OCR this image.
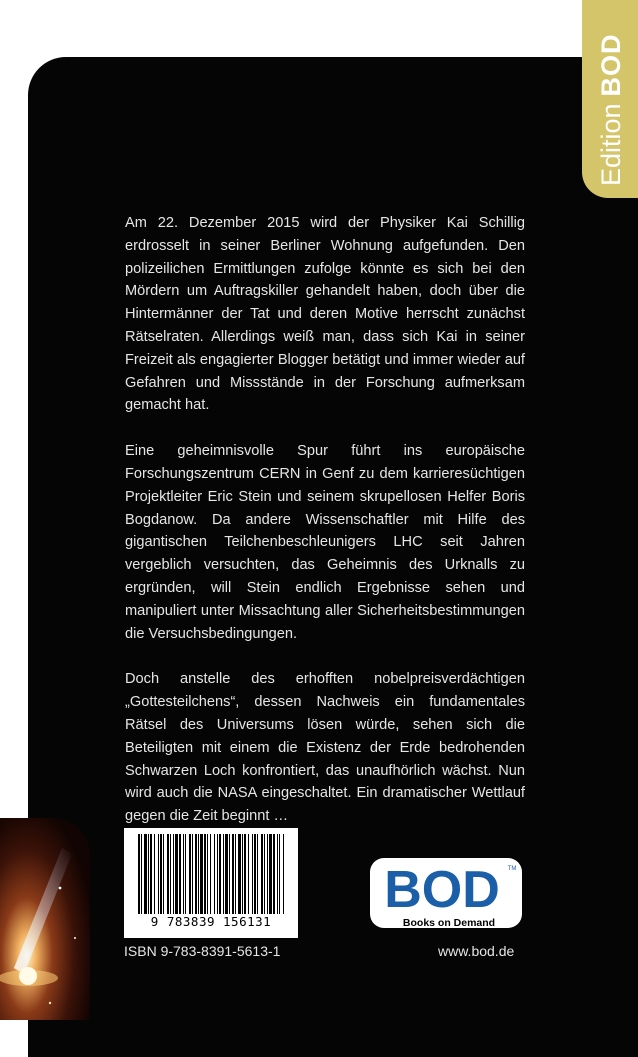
Edition
BOD

Am 22. Dezember 2015 wird der Physiker Kai Schillig erdrosselt in seiner Berliner Wohnung aufgefunden. Den polizeilichen Ermittlungen zufolge könnte es sich bei den Mördern um Auftragskiller gehandelt haben, doch über die Hintermänner der Tat und deren Motive herrscht zunächst Rätselraten. Allerdings weiß man, dass sich Kai in seiner Freizeit als engagierter Blogger betätigt und immer wieder auf Gefahren und Missstände in der Forschung aufmerksam gemacht hat.

Eine geheimnisvolle Spur führt ins europäische Forschungszentrum CERN in Genf zu dem karrieresüchtigen Projektleiter Eric Stein und seinem skrupellosen Helfer Boris Bogdanow. Da andere Wissenschaftler mit Hilfe des gigantischen Teilchenbeschleunigers LHC seit Jahren vergeblich versuchten, das Geheimnis des Urknalls zu ergründen, will Stein endlich Ergebnisse sehen und manipuliert unter Missachtung aller Sicherheitsbestimmungen die Versuchsbedingungen.

Doch anstelle des erhofften nobelpreisverdächtigen „Gottesteilchens“, dessen Nachweis ein fundamentales Rätsel des Universums lösen würde, sehen sich die Beteiligten mit einem die Existenz der Erde bedrohenden Schwarzen Loch konfrontiert, das unaufhörlich wächst. Nun wird auch die NASA eingeschaltet. Ein dramatischer Wettlauf gegen die Zeit beginnt …

9 783839 156131
ISBN 9-783-8391-5613-1
BOD TM
Books on Demand
www.bod.de
